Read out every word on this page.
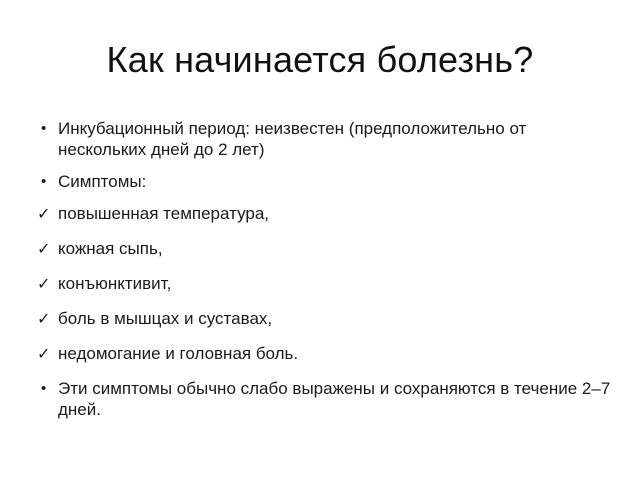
Как начинается болезнь?
• Инкубационный период: неизвестен (предположительно от нескольких дней до 2 лет)
• Симптомы:
✓ повышенная температура,
✓ кожная сыпь,
✓ конъюнктивит,
✓ боль в мышцах и суставах,
✓ недомогание и головная боль.
• Эти симптомы обычно слабо выражены и сохраняются в течение 2–7 дней.
